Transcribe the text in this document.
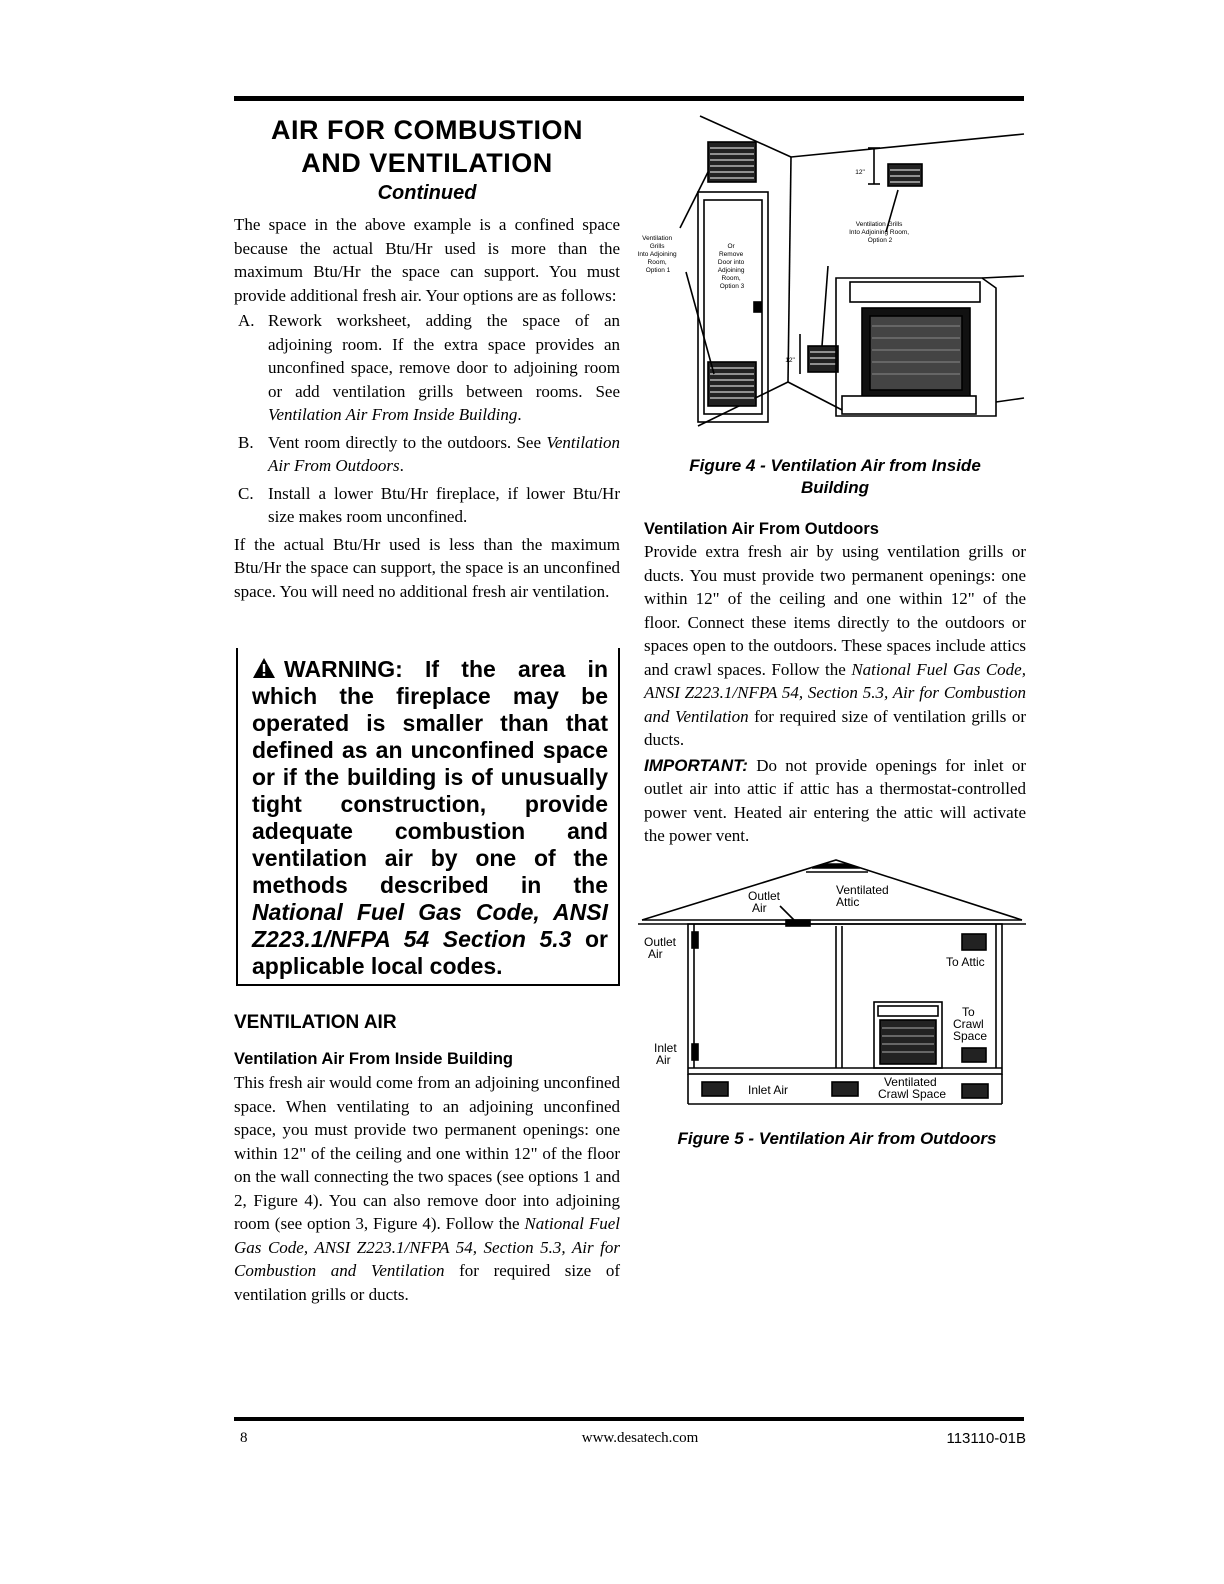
AIR FOR COMBUSTION
AND VENTILATION
Continued

The space in the above example is a confined space because the actual Btu/Hr used is more than the maximum Btu/Hr the space can support. You must provide additional fresh air. Your options are as follows:

A. Rework worksheet, adding the space of an adjoining room. If the extra space provides an unconfined space, remove door to adjoining room or add ventilation grills between rooms. See Ventilation Air From Inside Building.
B. Vent room directly to the outdoors. See Ventilation Air From Outdoors.
C. Install a lower Btu/Hr fireplace, if lower Btu/Hr size makes room unconfined.

If the actual Btu/Hr used is less than the maximum Btu/Hr the space can support, the space is an unconfined space. You will need no additional fresh air ventilation.

WARNING: If the area in which the fireplace may be operated is smaller than that defined as an unconfined space or if the building is of unusually tight construction, provide adequate combustion and ventilation air by one of the methods described in the National Fuel Gas Code, ANSI Z223.1/NFPA 54 Section 5.3 or applicable local codes.

VENTILATION AIR
Ventilation Air From Inside Building

This fresh air would come from an adjoining unconfined space. When ventilating to an adjoining unconfined space, you must provide two permanent openings: one within 12" of the ceiling and one within 12" of the floor on the wall connecting the two spaces (see options 1 and 2, Figure 4). You can also remove door into adjoining room (see option 3, Figure 4). Follow the National Fuel Gas Code, ANSI Z223.1/NFPA 54, Section 5.3, Air for Combustion and Ventilation for required size of ventilation grills or ducts.

Ventilation Grills Into Adjoining Room, Option 1
Or Remove Door into Adjoining Room, Option 3
Ventilation Grills Into Adjoining Room, Option 2
12"
12"
Figure 4 - Ventilation Air from Inside Building
Ventilation Air From Outdoors

Provide extra fresh air by using ventilation grills or ducts. You must provide two permanent openings: one within 12" of the ceiling and one within 12" of the floor. Connect these items directly to the outdoors or spaces open to the outdoors. These spaces include attics and crawl spaces. Follow the National Fuel Gas Code, ANSI Z223.1/NFPA 54, Section 5.3, Air for Combustion and Ventilation for required size of ventilation grills or ducts.

IMPORTANT: Do not provide openings for inlet or outlet air into attic if attic has a thermostat-controlled power vent. Heated air entering the attic will activate the power vent.

Outlet Air
Ventilated Attic
Outlet Air
To Attic
To Crawl Space
Inlet Air
Inlet Air
Ventilated Crawl Space
Figure 5 - Ventilation Air from Outdoors
8	www.desatech.com	113110-01B
